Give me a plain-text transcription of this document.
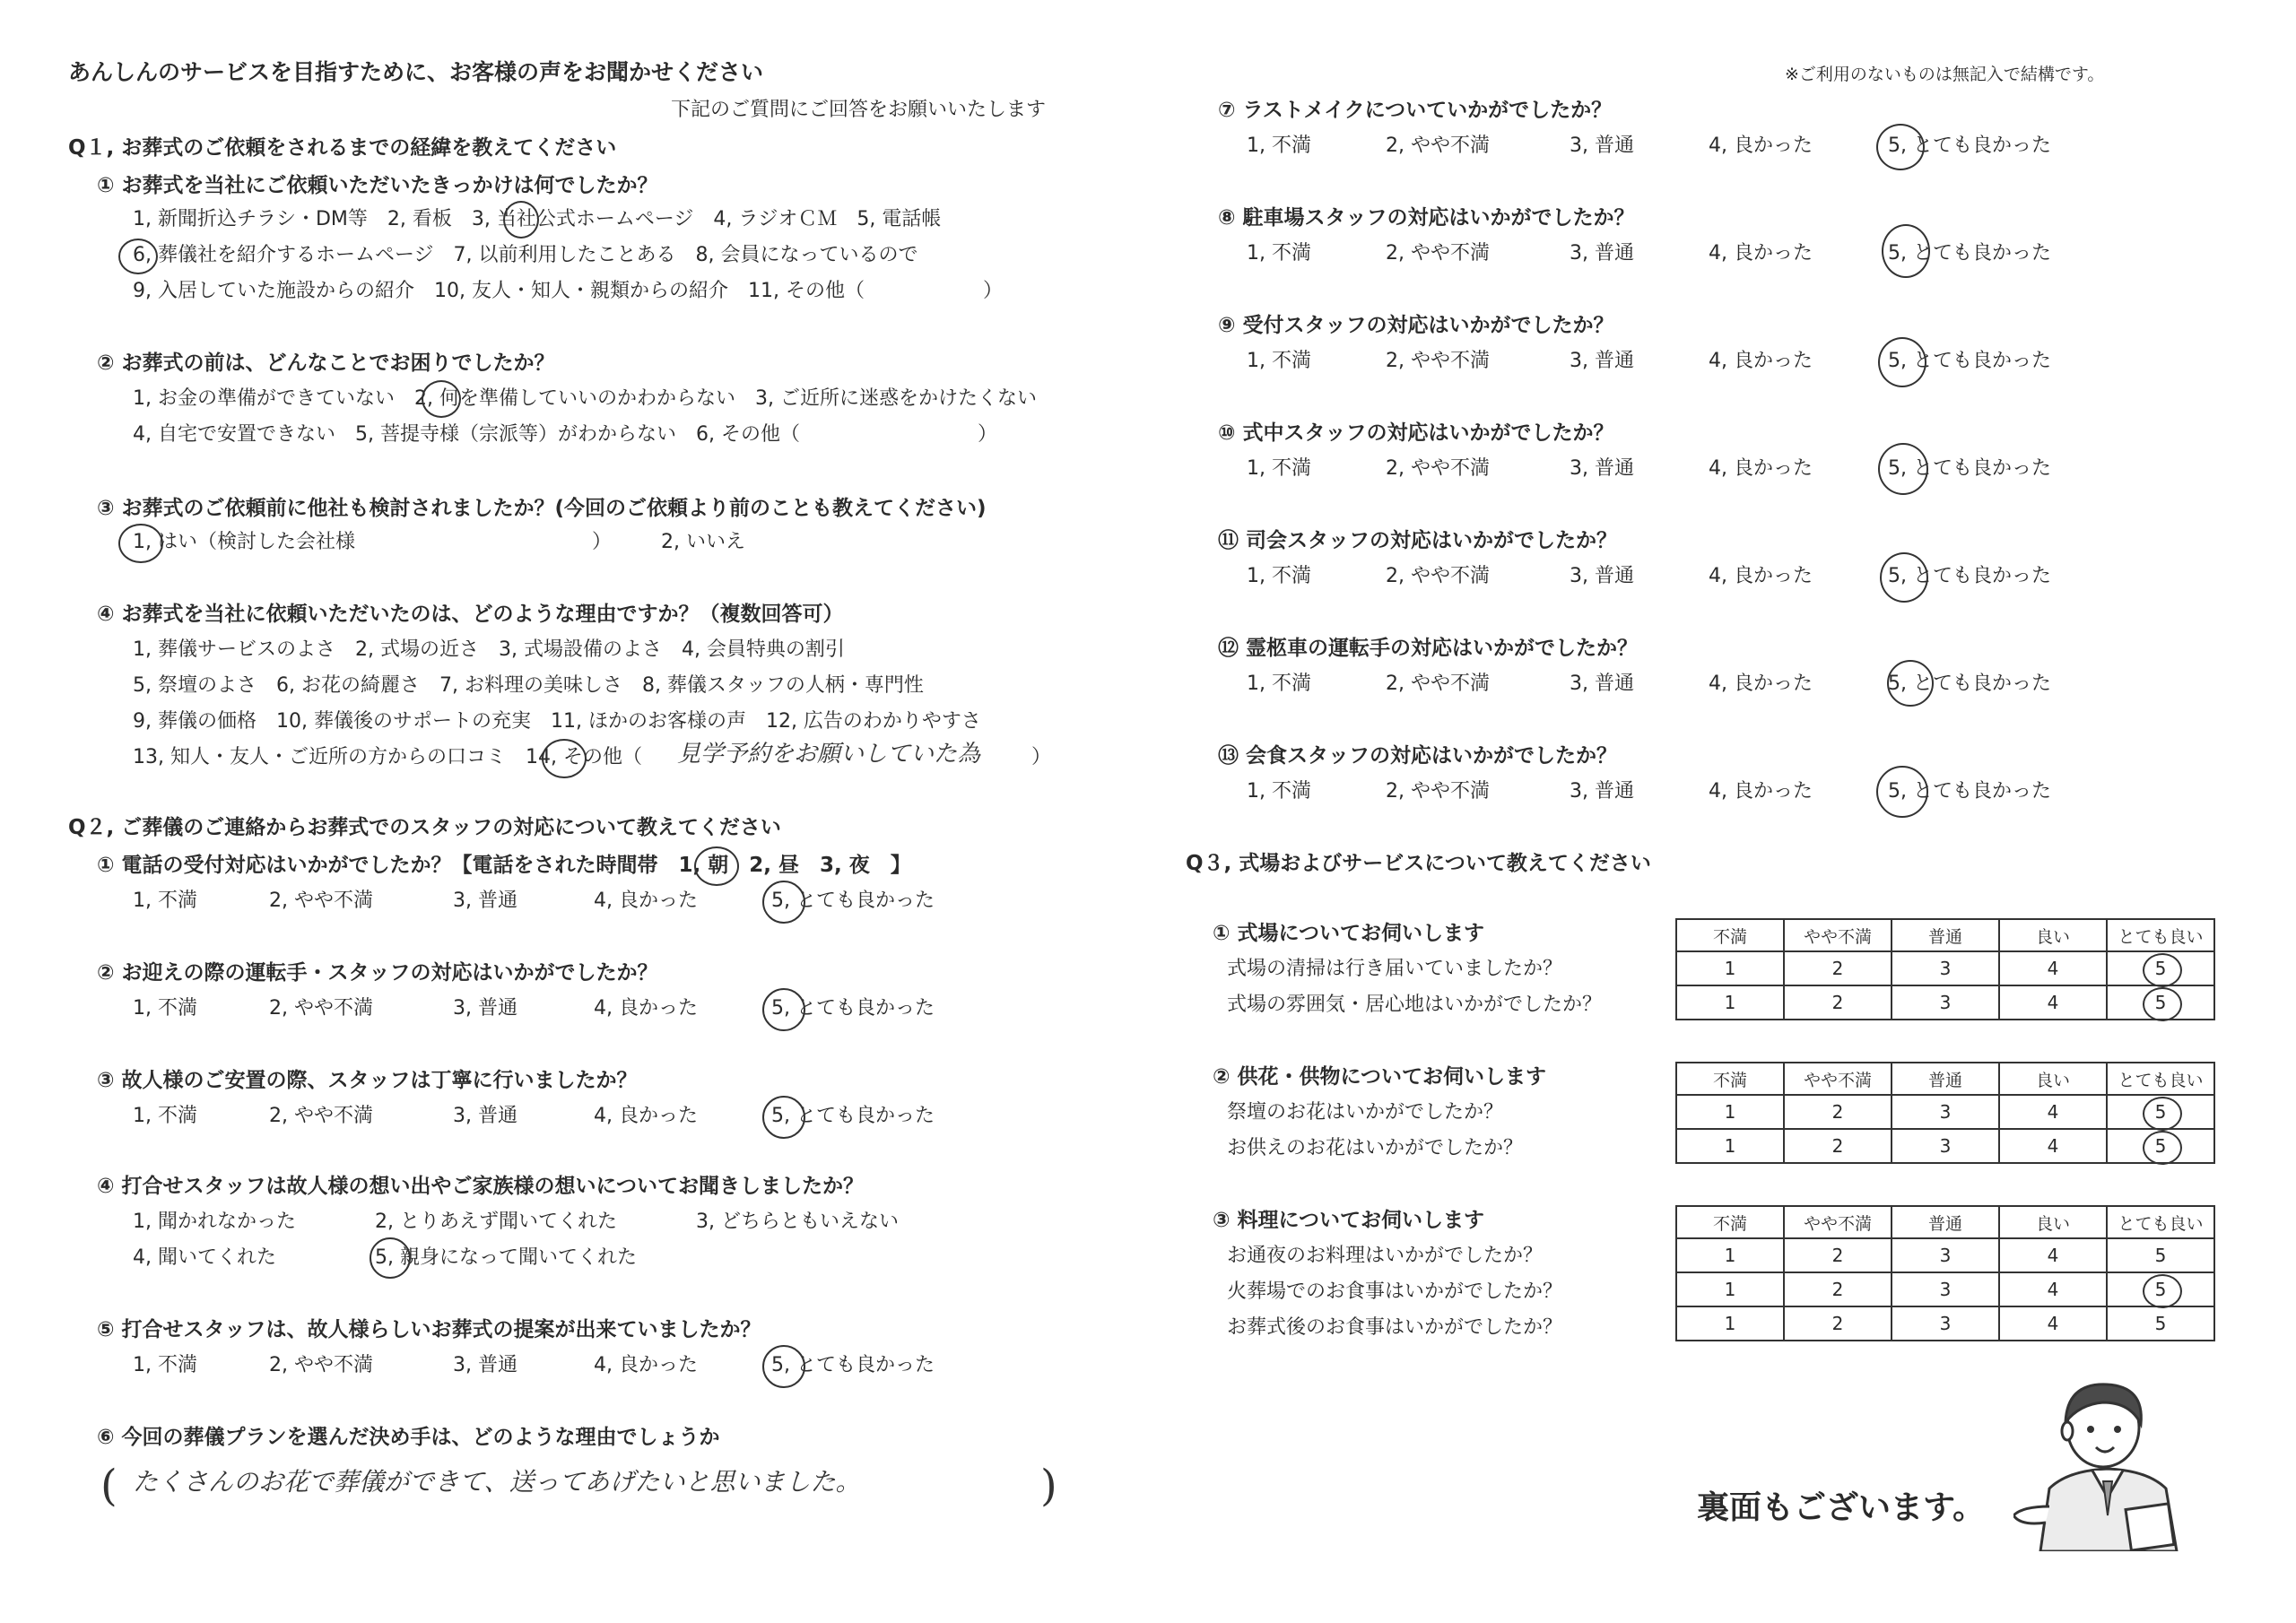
あんしんのサービスを目指すために、お客様の声をお聞かせください
下記のご質問にご回答をお願いいたします
※ご利用のないものは無記入で結構です。
Q１, お葬式のご依頼をされるまでの経緯を教えてください
① お葬式を当社にご依頼いただいたきっかけは何でしたか？
1, 新聞折込チラシ・DM等　2, 看板　3, 当社公式ホームページ　4, ラジオＣＭ　5, 電話帳
6, 葬儀社を紹介するホームページ　7, 以前利用したことある　8, 会員になっているので
9, 入居していた施設からの紹介　10, 友人・知人・親類からの紹介　11, その他（　　　　　　）
② お葬式の前は、どんなことでお困りでしたか？
1, お金の準備ができていない　2, 何を準備していいのかわからない　3, ご近所に迷惑をかけたくない
4, 自宅で安置できない　5, 菩提寺様（宗派等）がわからない　6, その他（　　　　　　　　　）
③ お葬式のご依頼前に他社も検討されましたか？(今回のご依頼より前のことも教えてください)
1, はい（検討した会社様　　　　　　　　　　　　）　　　2, いいえ
④ お葬式を当社に依頼いただいたのは、どのような理由ですか？（複数回答可）
1, 葬儀サービスのよさ　2, 式場の近さ　3, 式場設備のよさ　4, 会員特典の割引
5, 祭壇のよさ　6, お花の綺麗さ　7, お料理の美味しさ　8, 葬儀スタッフの人柄・専門性
9, 葬儀の価格　10, 葬儀後のサポートの充実　11, ほかのお客様の声　12, 広告のわかりやすさ
13, 知人・友人・ご近所の方からの口コミ　14, その他（ 見学予約をお願いしていた為	）
Q２, ご葬儀のご連絡からお葬式でのスタッフの対応について教えてください
① 電話の受付対応はいかがでしたか？【電話をされた時間帯　1, 朝　2, 昼　3, 夜　】
1, 不満	2, やや不満	3, 普通	4, 良かった	5, とても良かった
② お迎えの際の運転手・スタッフの対応はいかがでしたか？
1, 不満	2, やや不満	3, 普通	4, 良かった	5, とても良かった
③ 故人様のご安置の際、スタッフは丁寧に行いましたか？
1, 不満	2, やや不満	3, 普通	4, 良かった	5, とても良かった
④ 打合せスタッフは故人様の想い出やご家族様の想いについてお聞きしましたか？
1, 聞かれなかった　　　　2, とりあえず聞いてくれた　　　　3, どちらともいえない
4, 聞いてくれた　　　　　5, 親身になって聞いてくれた
⑤ 打合せスタッフは、故人様らしいお葬式の提案が出来ていましたか？
1, 不満	2, やや不満	3, 普通	4, 良かった	5, とても良かった
⑥ 今回の葬儀プランを選んだ決め手は、どのような理由でしょうか
( たくさんのお花で葬儀ができて、送ってあげたいと思いました。	)
⑦ ラストメイクについていかがでしたか？
1, 不満	2, やや不満	3, 普通	4, 良かった	5, とても良かった
⑧ 駐車場スタッフの対応はいかがでしたか？
1, 不満	2, やや不満	3, 普通	4, 良かった	5, とても良かった
⑨ 受付スタッフの対応はいかがでしたか？
1, 不満	2, やや不満	3, 普通	4, 良かった	5, とても良かった
⑩ 式中スタッフの対応はいかがでしたか？
1, 不満	2, やや不満	3, 普通	4, 良かった	5, とても良かった
⑪ 司会スタッフの対応はいかがでしたか？
1, 不満	2, やや不満	3, 普通	4, 良かった	5, とても良かった
⑫ 霊柩車の運転手の対応はいかがでしたか？
1, 不満	2, やや不満	3, 普通	4, 良かった	5, とても良かった
⑬ 会食スタッフの対応はいかがでしたか？
1, 不満	2, やや不満	3, 普通	4, 良かった	5, とても良かった
Q３, 式場およびサービスについて教えてください
① 式場についてお伺いします
式場の清掃は行き届いていましたか？
式場の雰囲気・居心地はいかがでしたか？
不満	やや不満	普通	良い	とても良い
1	2	3	4	5

1	2	3	4	5
② 供花・供物についてお伺いします
祭壇のお花はいかがでしたか？
お供えのお花はいかがでしたか？
不満	やや不満	普通	良い	とても良い
1	2	3	4	5

1	2	3	4	5
③ 料理についてお伺いします
お通夜のお料理はいかがでしたか？
火葬場でのお食事はいかがでしたか？
お葬式後のお食事はいかがでしたか？
不満	やや不満	普通	良い	とても良い
1	2	3	4	5
1	2	3	4	5

1	2	3	4	5
裏面もございます。
